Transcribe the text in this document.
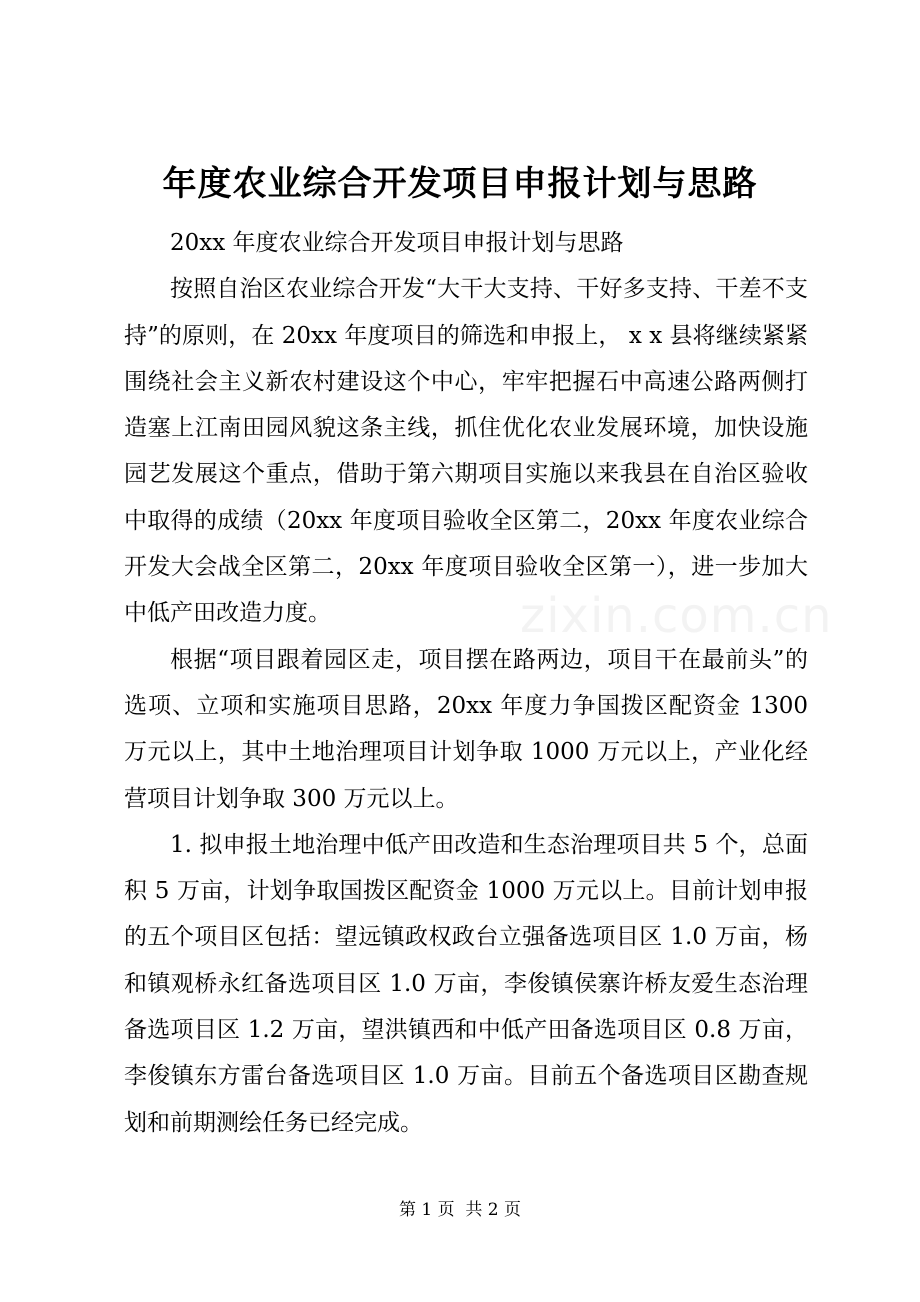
年度农业综合开发项目申报计划与思路

20xx 年度农业综合开发项目申报计划与思路

按照自治区农业综合开发“大干大支持、干好多支持、干差不支持”的原则，在 20xx 年度项目的筛选和申报上， x x 县将继续紧紧围绕社会主义新农村建设这个中心，牢牢把握石中高速公路两侧打造塞上江南田园风貌这条主线，抓住优化农业发展环境，加快设施园艺发展这个重点，借助于第六期项目实施以来我县在自治区验收中取得的成绩（20xx 年度项目验收全区第二，20xx 年度农业综合开发大会战全区第二，20xx 年度项目验收全区第一），进一步加大中低产田改造力度。

根据“项目跟着园区走，项目摆在路两边，项目干在最前头”的选项、立项和实施项目思路，20xx 年度力争国拨区配资金 1300 万元以上，其中土地治理项目计划争取 1000 万元以上，产业化经营项目计划争取 300 万元以上。

1. 拟申报土地治理中低产田改造和生态治理项目共 5 个，总面积 5 万亩，计划争取国拨区配资金 1000 万元以上。目前计划申报的五个项目区包括：望远镇政权政台立强备选项目区 1.0 万亩，杨和镇观桥永红备选项目区 1.0 万亩，李俊镇侯寨许桥友爱生态治理备选项目区 1.2 万亩，望洪镇西和中低产田备选项目区 0.8 万亩，李俊镇东方雷台备选项目区 1.0 万亩。目前五个备选项目区勘查规划和前期测绘任务已经完成。

zixin.com.cn
第 1 页  共 2 页
